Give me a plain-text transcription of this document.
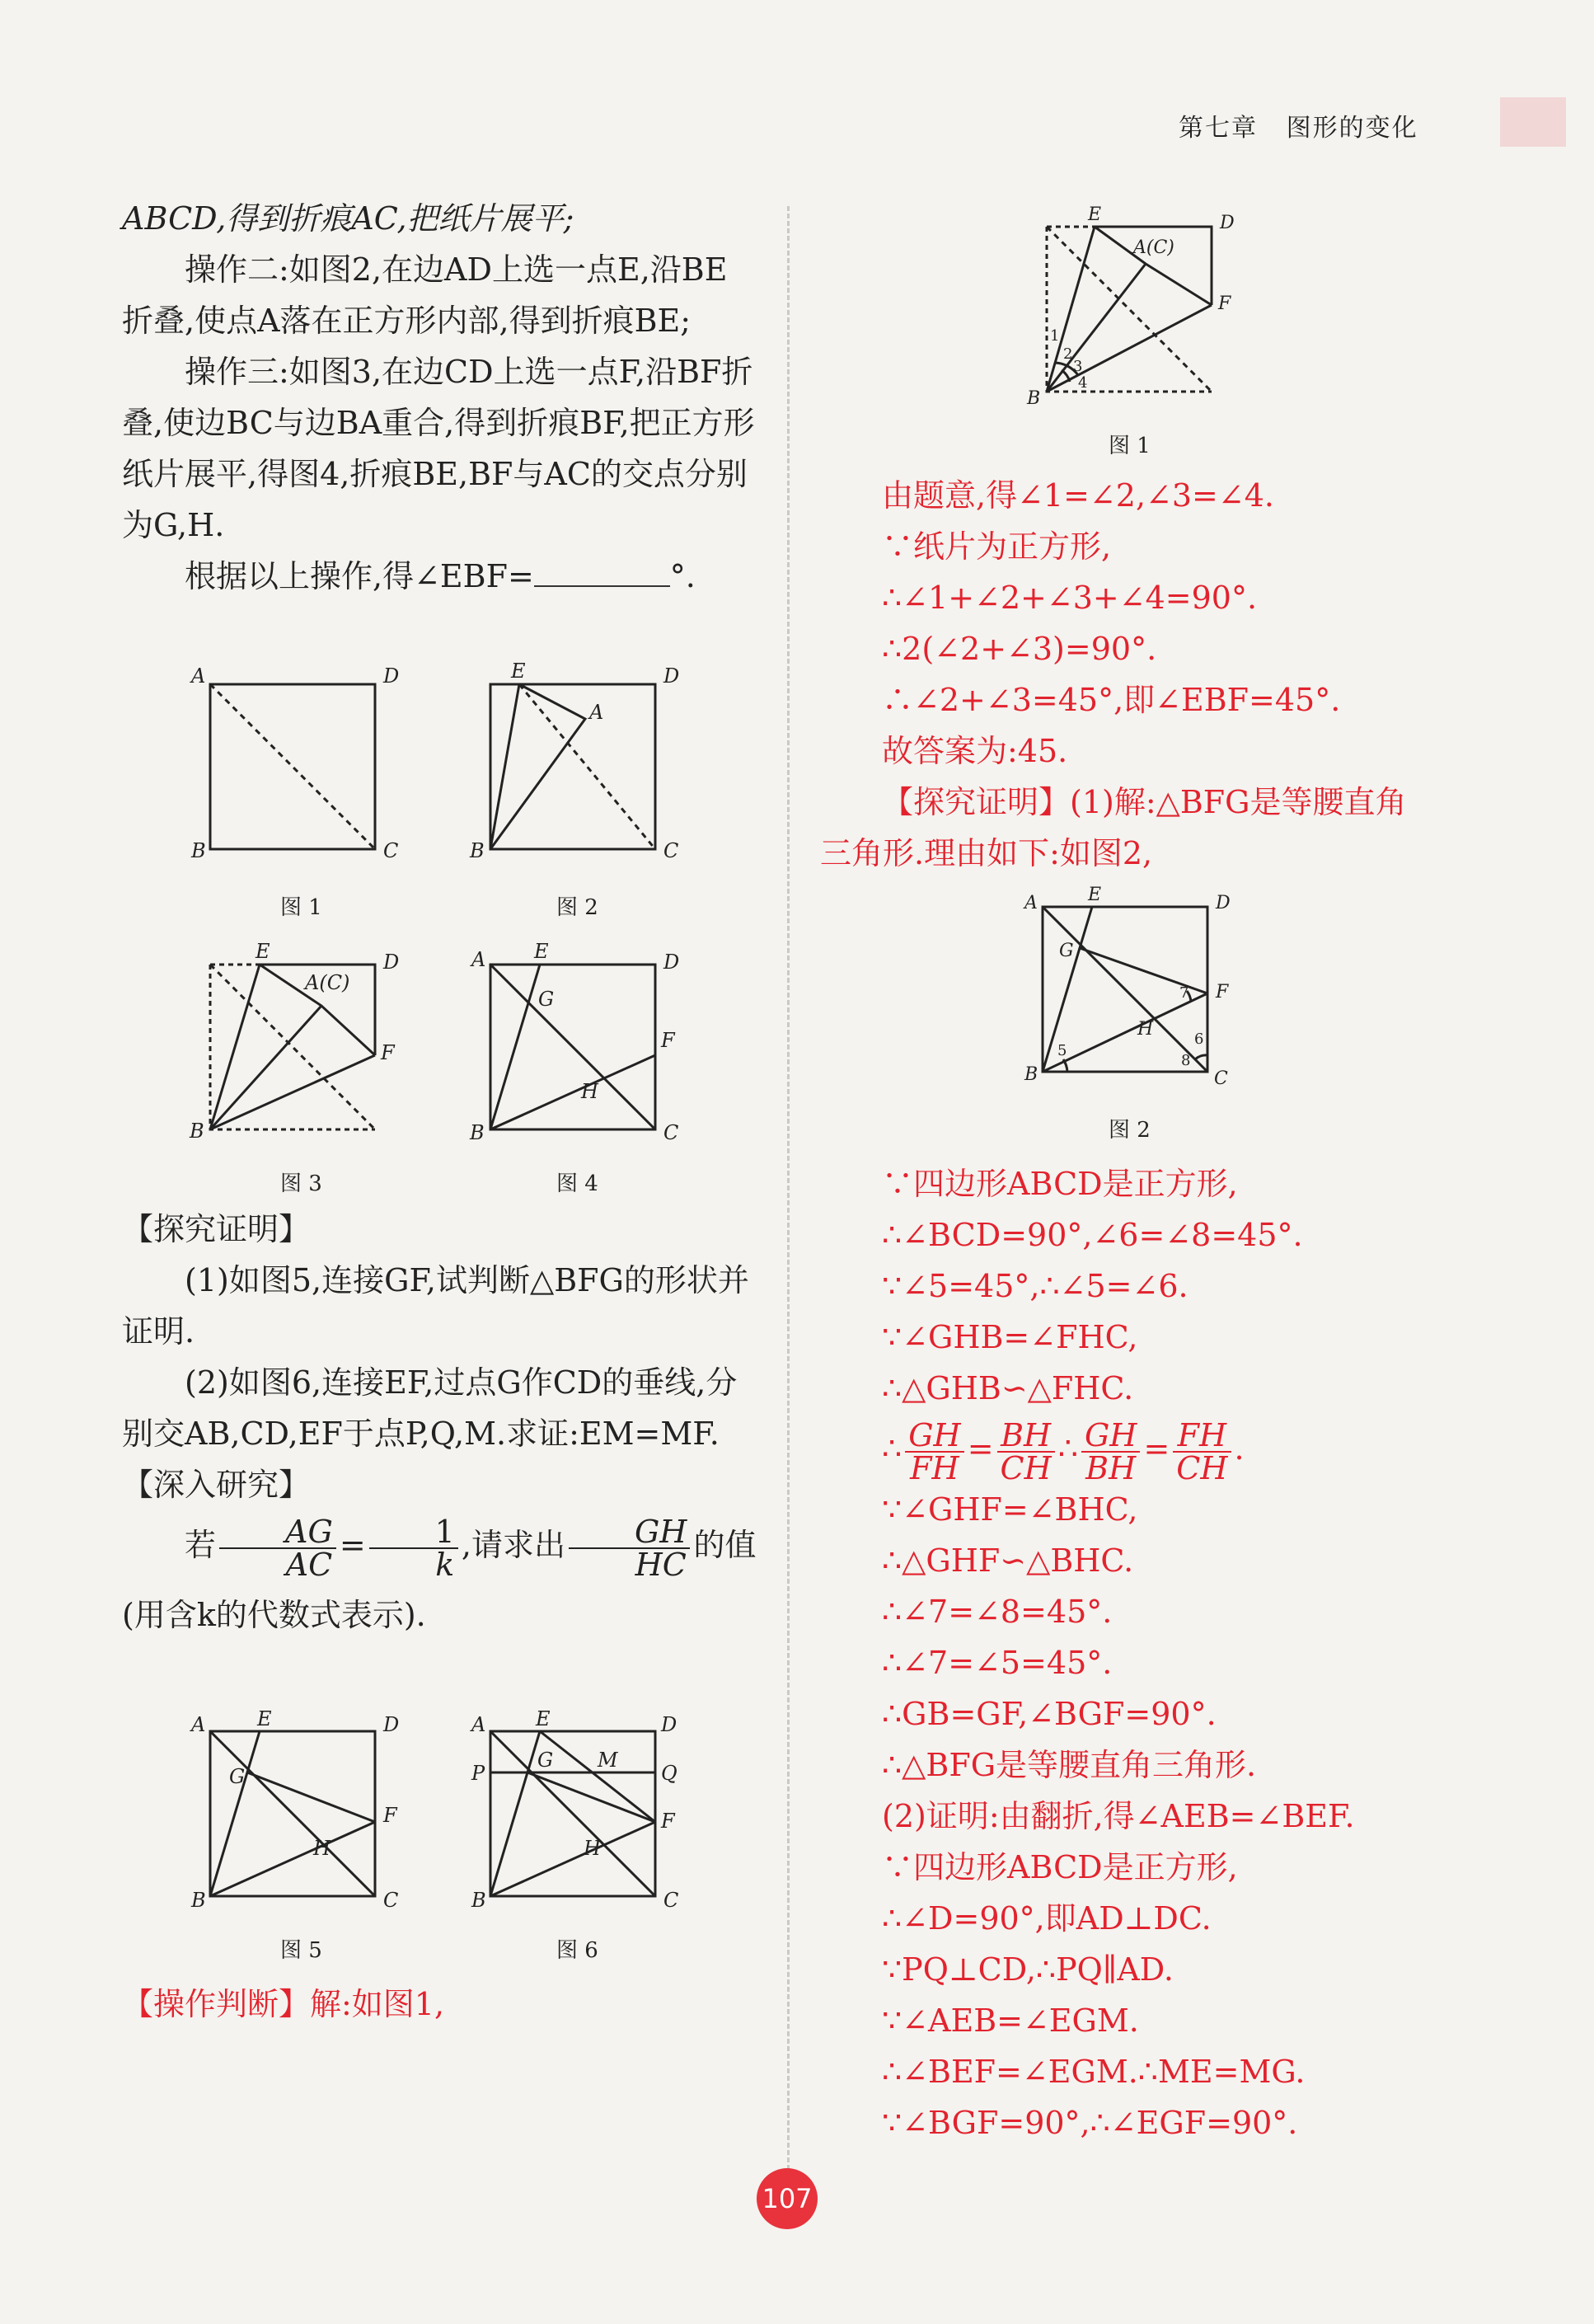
第七章 图形的变化

ABCD,得到折痕AC,把纸片展平;

操作二:如图2,在边AD上选一点E,沿BE折叠,使点A落在正方形内部,得到折痕BE;

操作三:如图3,在边CD上选一点F,沿BF折叠,使边BC与边BA重合,得到折痕BF,把正方形纸片展平,得图4,折痕BE,BF与AC的交点分别为G,H.

根据以上操作,得∠EBF=	°.

【探究证明】

(1)如图5,连接GF,试判断△BFG的形状并证明.

(2)如图6,连接EF,过点G作CD的垂线,分别交AB,CD,EF于点P,Q,M.求证:EM=MF.

【深入研究】

若 $\frac{AG}{AC} = \frac{1}{k}$ ,请求出 $\frac{GH}{HC}$ 的值(用含k的代数式表示).

【操作判断】解:如图1,

A	D
B	C
E	D
A
B	C
E	D
A(C)
F
B
A E	D
G
F
H
B	C
图 1	图 2
图 3	图 4
A	E	D
G
F
H
B	C
A	E	D
P
G M
Q
F
H
B	C
图 5	图 6
E	D
A(C)
F
B
1
2
3
4
图 1

由题意,得∠1=∠2,∠3=∠4.

∵纸片为正方形,

∴∠1+∠2+∠3+∠4=90°.

∴2(∠2+∠3)=90°.

∴∠2+∠3=45°,即∠EBF=45°.

故答案为:45.

【探究证明】(1)解:△BFG是等腰直角

三角形.理由如下:如图2,

A	E	D
G
F
H
B	C
5
6
7
8
图 2

∵四边形ABCD是正方形,

∴∠BCD=90°,∠6=∠8=45°.

∵∠5=45°,∴∠5=∠6.

∵∠GHB=∠FHC,

∴△GHB∽△FHC.

∴ $\frac{GH}{FH} = \frac{BH}{CH}$ ∴ $\frac{GH}{BH} = \frac{FH}{CH}$ .

∵∠GHF=∠BHC,

∴△GHF∽△BHC.

∴∠7=∠8=45°.

∴∠7=∠5=45°.

∴GB=GF,∠BGF=90°.

∴△BFG是等腰直角三角形.

(2)证明:由翻折,得∠AEB=∠BEF.

∵四边形ABCD是正方形,

∴∠D=90°,即AD⊥DC.

∵PQ⊥CD,∴PQ∥AD.

∵∠AEB=∠EGM.

∴∠BEF=∠EGM.∴ME=MG.

∵∠BGF=90°,∴∠EGF=90°.

107
